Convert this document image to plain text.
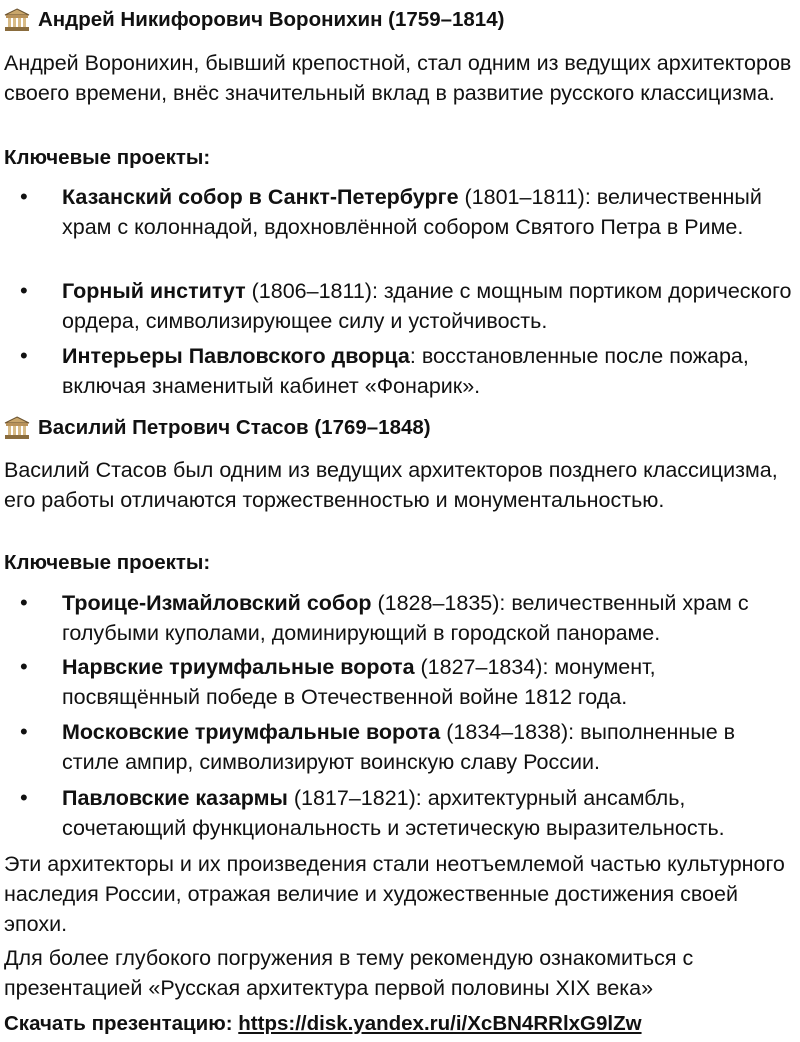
Андрей Никифорович Воронихин (1759–1814)
Андрей Воронихин, бывший крепостной, стал одним из ведущих архитекторов своего времени, внёс значительный вклад в развитие русского классицизма.
Ключевые проекты:
• Казанский собор в Санкт-Петербурге (1801–1811): величественный храм с колоннадой, вдохновлённой собором Святого Петра в Риме.
• Горный институт (1806–1811): здание с мощным портиком дорического ордера, символизирующее силу и устойчивость.
• Интерьеры Павловского дворца: восстановленные после пожара, включая знаменитый кабинет «Фонарик».
Василий Петрович Стасов (1769–1848)
Василий Стасов был одним из ведущих архитекторов позднего классицизма, его работы отличаются торжественностью и монументальностью.
Ключевые проекты:
• Троице-Измайловский собор (1828–1835): величественный храм с голубыми куполами, доминирующий в городской панораме.
• Нарвские триумфальные ворота (1827–1834): монумент, посвящённый победе в Отечественной войне 1812 года.
• Московские триумфальные ворота (1834–1838): выполненные в стиле ампир, символизируют воинскую славу России.
• Павловские казармы (1817–1821): архитектурный ансамбль, сочетающий функциональность и эстетическую выразительность.
Эти архитекторы и их произведения стали неотъемлемой частью культурного наследия России, отражая величие и художественные достижения своей эпохи.
Для более глубокого погружения в тему рекомендую ознакомиться с презентацией «Русская архитектура первой половины XIX века»
Скачать презентацию: https://disk.yandex.ru/i/XcBN4RRlxG9lZw
